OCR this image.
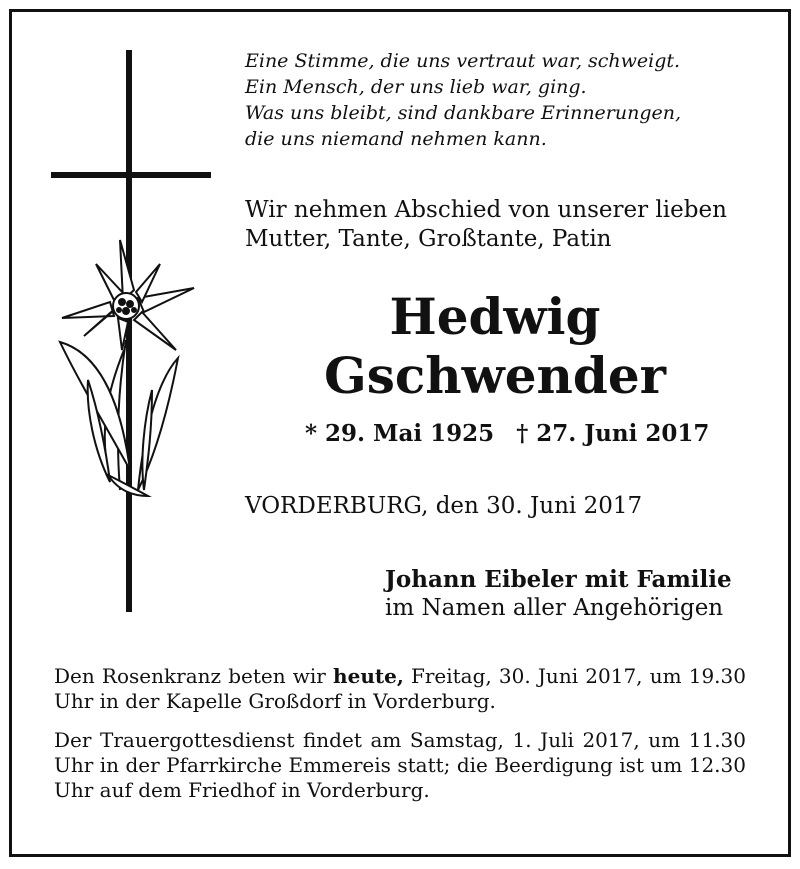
Eine Stimme, die uns vertraut war, schweigt.
Ein Mensch, der uns lieb war, ging.
Was uns bleibt, sind dankbare Erinnerungen,
die uns niemand nehmen kann.
Wir nehmen Abschied von unserer lieben
Mutter, Tante, Großtante, Patin
Hedwig
Gschwender
* 29. Mai 1925 † 27. Juni 2017
VORDERBURG, den 30. Juni 2017
Johann Eibeler mit Familie
im Namen aller Angehörigen
Den Rosenkranz beten wir heute, Freitag, 30. Juni 2017, um 19.30 Uhr in der Kapelle Großdorf in Vorderburg.
Der Trauergottesdienst findet am Samstag, 1. Juli 2017, um 11.30 Uhr in der Pfarrkirche Emmereis statt; die Beerdigung ist um 12.30 Uhr auf dem Friedhof in Vorderburg.
